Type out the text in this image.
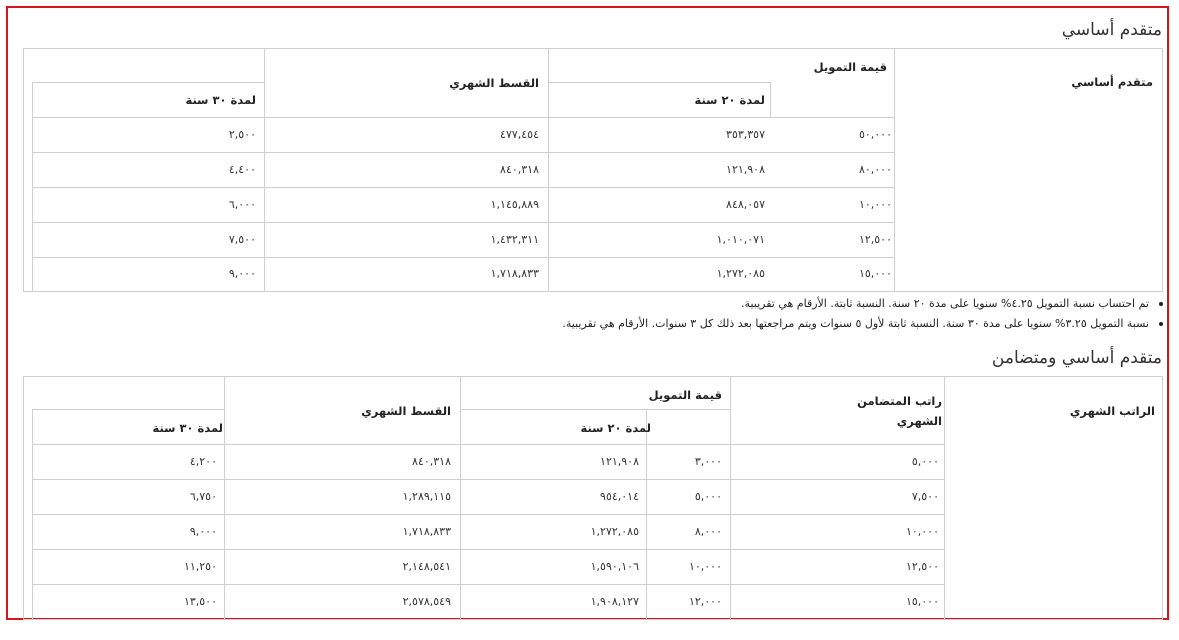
متقدم أساسي
متقدم أساسي
قيمة التمويل
القسط الشهري
لمدة ٢٠ سنة
لمدة ٣٠ سنة
٥٠,٠٠٠
٣٥٣,٣٥٧
٤٧٧,٤٥٤
٢,٥٠٠
٨٠,٠٠٠
١٢١,٩٠٨
٨٤٠,٣١٨
٤,٤٠٠
١٠,٠٠٠
٨٤٨,٠٥٧
١,١٤٥,٨٨٩
٦,٠٠٠
١٢,٥٠٠
١,٠١٠,٠٧١
١,٤٣٢,٣١١
٧,٥٠٠
١٥,٠٠٠
١,٢٧٢,٠٨٥
١,٧١٨,٨٣٣
٩,٠٠٠
تم احتساب نسبة التمويل ٤.٢٥% سنويا على مدة ٢٠ سنة. النسبة ثابتة. الأرقام هي تقريبية.
نسبة التمويل ٣.٢٥% سنويا على مدة ٣٠ سنة. النسبة ثابتة لأول ٥ سنوات ويتم مراجعتها بعد ذلك كل ٣ سنوات. الأرقام هي تقريبية.
متقدم أساسي ومتضامن
الراتب الشهري
راتب المتضامن
الشهري
قيمة التمويل
القسط الشهري
لمدة ٢٠ سنة
لمدة ٣٠ سنة
٥,٠٠٠
٣,٠٠٠
١٢١,٩٠٨
٨٤٠,٣١٨
٤,٢٠٠
٧,٥٠٠
٥,٠٠٠
٩٥٤,٠١٤
١,٢٨٩,١١٥
٦,٧٥٠
١٠,٠٠٠
٨,٠٠٠
١,٢٧٢,٠٨٥
١,٧١٨,٨٣٣
٩,٠٠٠
١٢,٥٠٠
١٠,٠٠٠
١,٥٩٠,١٠٦
٢,١٤٨,٥٤١
١١,٢٥٠
١٥,٠٠٠
١٢,٠٠٠
١,٩٠٨,١٢٧
٢,٥٧٨,٥٤٩
١٣,٥٠٠
